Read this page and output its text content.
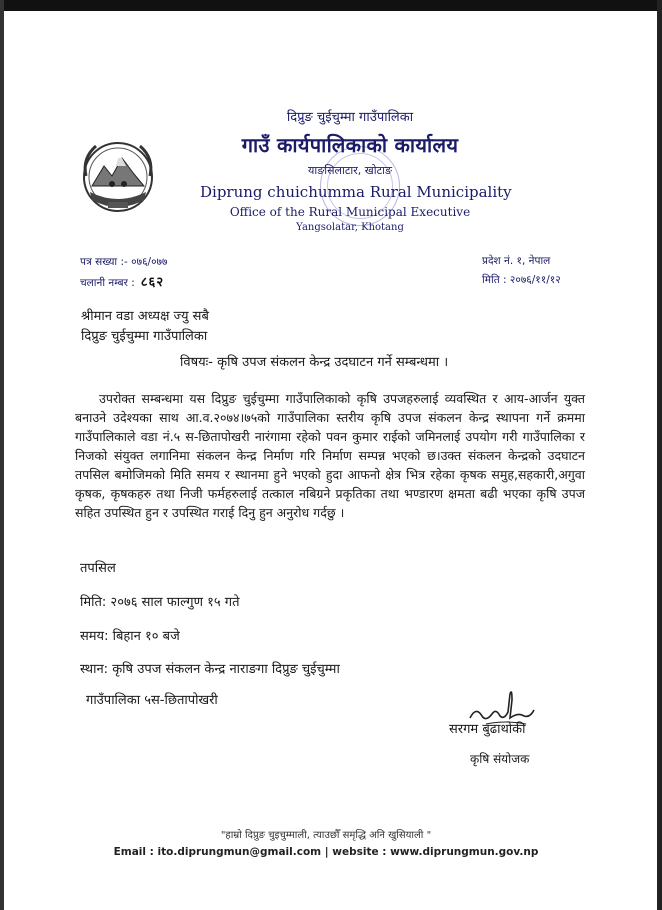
दिप्रुङ चुईचुम्मा गाउँपालिका
गाउँ कार्यपालिकाको कार्यालय
याङसिलाटार, खोटाङ
Diprung chuichumma Rural Municipality
Office of the Rural Municipal Executive
Yangsolatar, Khotang
पत्र सख्या :- ०७६/०७७
चलानी नम्बर : ८६२
प्रदेश नं. १, नेपाल
मिति : २०७६/११/१२
श्रीमान वडा अध्यक्ष ज्यु सबै
दिप्रुङ चुईचुम्मा गाउँपालिका
विषयः- कृषि उपज संकलन केन्द्र उदघाटन गर्ने सम्बन्धमा ।

उपरोक्त सम्बन्धमा यस दिप्रुङ चुईचुम्मा गाउँपालिकाको कृषि उपजहरुलाई व्यवस्थित र आय-आर्जन युक्त बनाउने उदेश्यका साथ आ.व.२०७४।७५को गाउँपालिका स्तरीय कृषि उपज संकलन केन्द्र स्थापना गर्ने क्रममा गाउँपालिकाले वडा नं.५ स-छितापोखरी नारंगामा रहेको पवन कुमार राईको जमिनलाई उपयोग गरी गाउँपालिका र निजको संयुक्त लगानिमा संकलन केन्द्र निर्माण गरि निर्माण सम्पन्न भएको छ।उक्त संकलन केन्द्रको उदघाटन तपसिल बमोजिमको मिति समय र स्थानमा हुने भएको हुदा आफनो क्षेत्र भित्र रहेका कृषक समुह,सहकारी,अगुवा कृषक, कृषकहरु तथा निजी फर्महरुलाई तत्काल नबिग्रने प्रकृतिका तथा भण्डारण क्षमता बढी भएका कृषि उपज सहित उपस्थित हुन र उपस्थित गराई दिनु हुन अनुरोध गर्दछु ।

तपसिल
मिति: २०७६ साल फाल्गुण १५ गते
समय: बिहान १० बजे
स्थान: कृषि उपज संकलन केन्द्र नाराङगा दिप्रुङ चुईचुम्मा
गाउँपालिका ५स-छितापोखरी
सरगम बुढाथोकी
कृषि संयोजक
"हाम्रो दिप्रुङ चुइचुम्माली, त्याउछौँ समृद्धि अनि खुसियाली "
Email : ito.diprungmun@gmail.com | website : www.diprungmun.gov.np
